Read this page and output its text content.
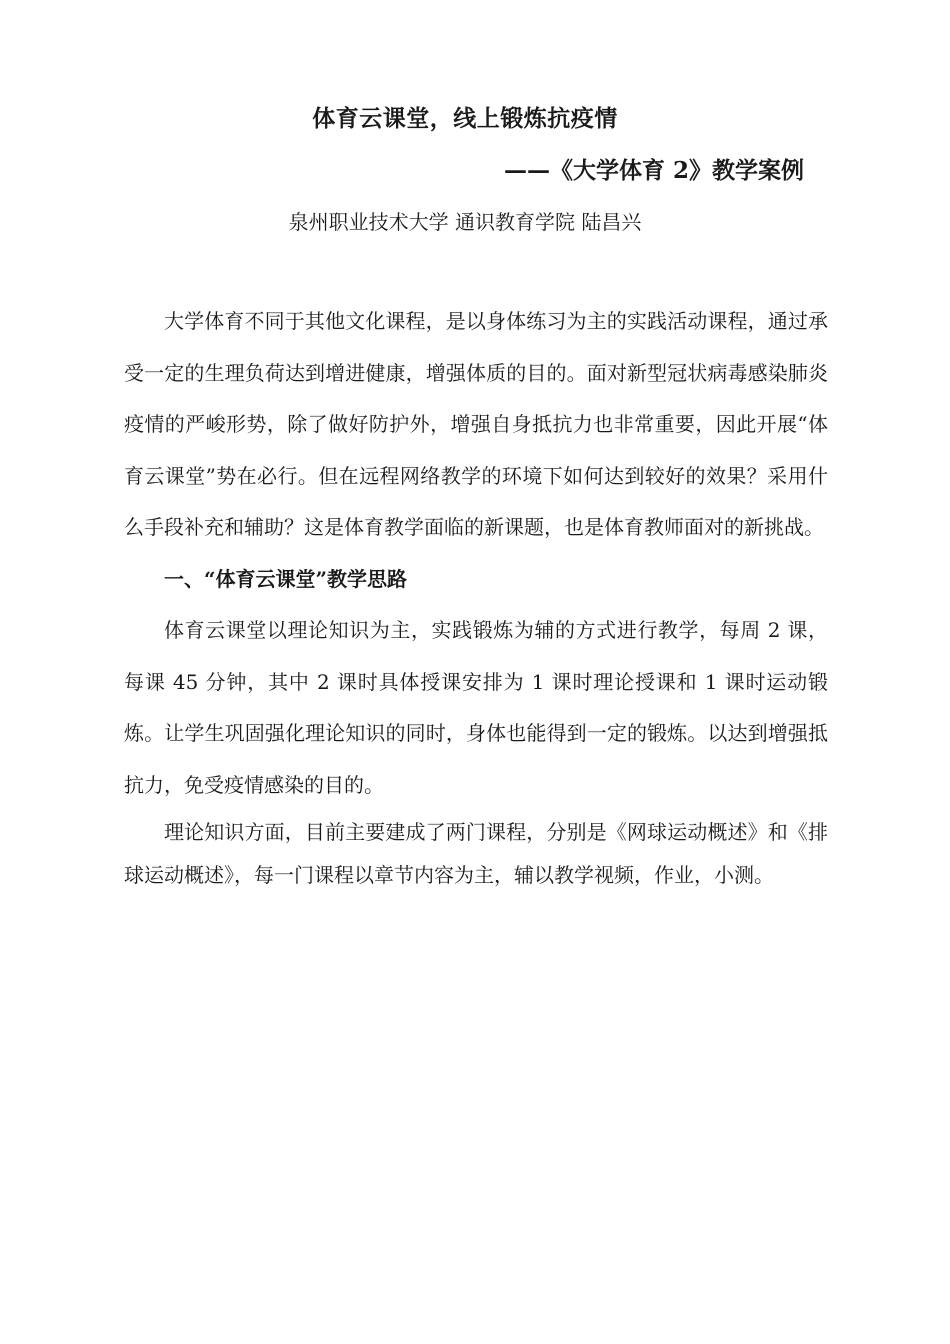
体育云课堂，线上锻炼抗疫情
——《大学体育 2》教学案例
泉州职业技术大学 通识教育学院 陆昌兴

大学体育不同于其他文化课程，是以身体练习为主的实践活动课程，通过承受一定的生理负荷达到增进健康，增强体质的目的。面对新型冠状病毒感染肺炎疫情的严峻形势，除了做好防护外，增强自身抵抗力也非常重要，因此开展“体育云课堂”势在必行。但在远程网络教学的环境下如何达到较好的效果？采用什么手段补充和辅助？这是体育教学面临的新课题，也是体育教师面对的新挑战。

一、“体育云课堂”教学思路

体育云课堂以理论知识为主，实践锻炼为辅的方式进行教学，每周 2 课，每课 45 分钟，其中 2 课时具体授课安排为 1 课时理论授课和 1 课时运动锻炼。让学生巩固强化理论知识的同时，身体也能得到一定的锻炼。以达到增强抵抗力，免受疫情感染的目的。

理论知识方面，目前主要建成了两门课程，分别是《网球运动概述》和《排球运动概述》，每一门课程以章节内容为主，辅以教学视频，作业，小测。
